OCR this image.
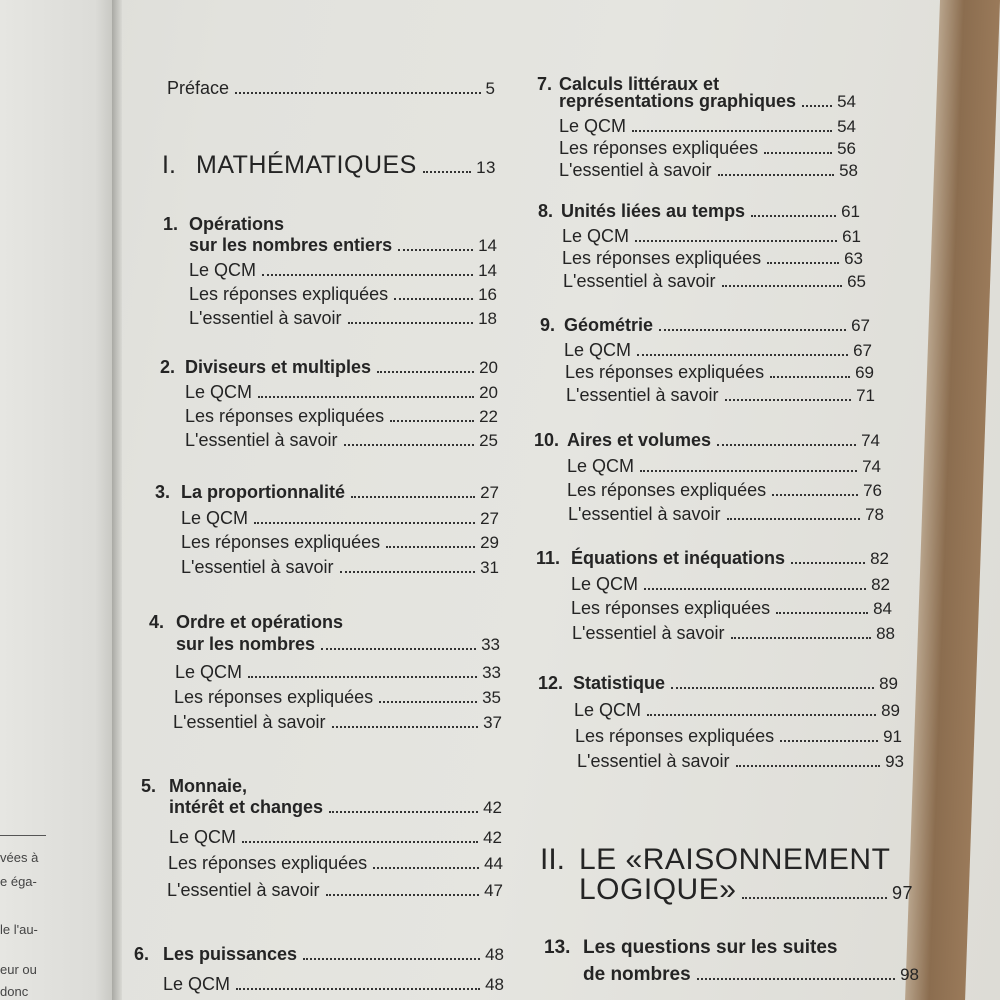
vées à
e éga-
le l'au-
eur ou
donc
Préface	5
I. MATHÉMATIQUES	13
1. Opérations
sur les nombres entiers	14
Le QCM	14
Les réponses expliquées	16
L'essentiel à savoir	18
2. Diviseurs et multiples	20
Le QCM	20
Les réponses expliquées	22
L'essentiel à savoir	25
3. La proportionnalité	27
Le QCM	27
Les réponses expliquées	29
L'essentiel à savoir	31
4. Ordre et opérations
sur les nombres	33
Le QCM	33
Les réponses expliquées	35
L'essentiel à savoir	37
5. Monnaie,
intérêt et changes	42
Le QCM	42
Les réponses expliquées	44
L'essentiel à savoir	47
6. Les puissances	48
Le QCM	48
7. Calculs littéraux et
représentations graphiques 54
Le QCM	54
Les réponses expliquées	56
L'essentiel à savoir	58
8. Unités liées au temps	61
Le QCM	61
Les réponses expliquées	63
L'essentiel à savoir	65
9. Géométrie	67
Le QCM	67
Les réponses expliquées	69
L'essentiel à savoir	71
10. Aires et volumes	74
Le QCM	74
Les réponses expliquées	76
L'essentiel à savoir	78
11. Équations et inéquations	82
Le QCM	82
Les réponses expliquées	84
L'essentiel à savoir	88
12. Statistique	89
Le QCM	89
Les réponses expliquées	91
L'essentiel à savoir	93
II. LE «RAISONNEMENT
LOGIQUE»	97
13. Les questions sur les suites
de nombres	98
